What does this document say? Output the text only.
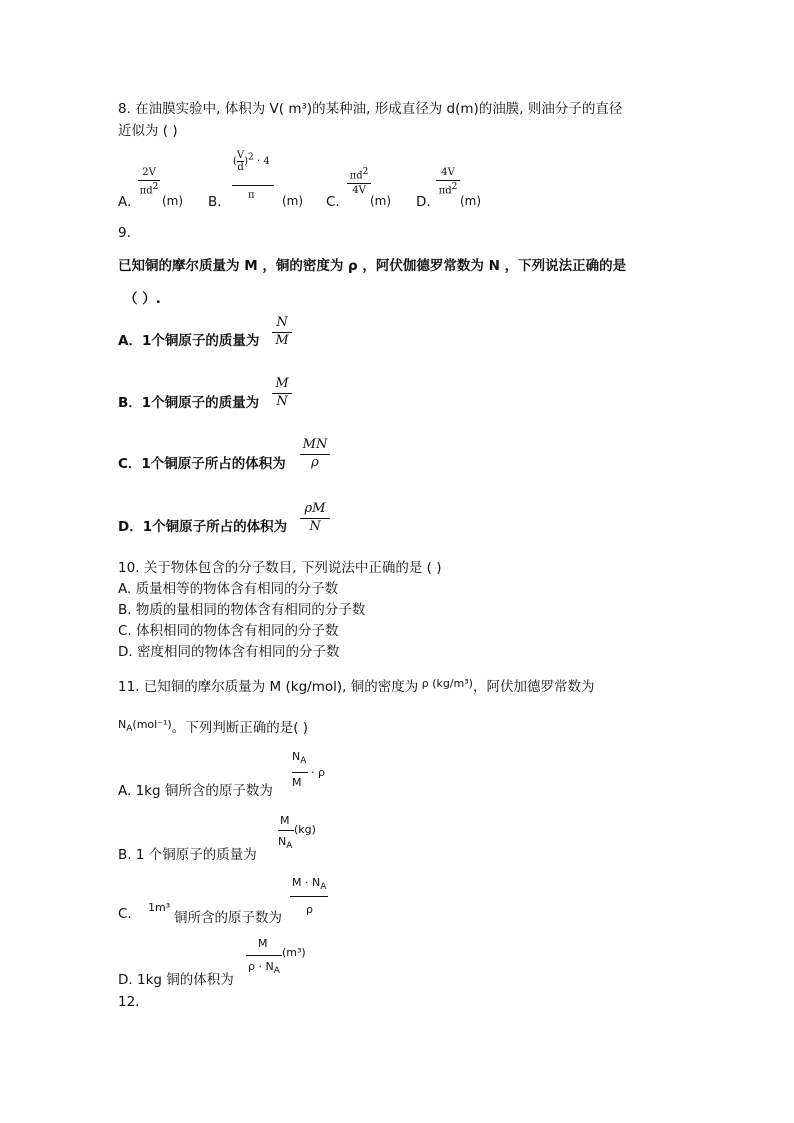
8. 在油膜实验中, 体积为 V( m³)的某种油, 形成直径为 d(m)的油膜, 则油分子的直径
近似为 ( )
A.
2V
$\pi d^2$
(m) B.
( $\frac{V}{d} )^2 \cdot 4$
π (m) C.
$\pi d^2$
4V
(m) D.
4V
$\pi d^2$
(m)
9.
已知铜的摩尔质量为 M ，铜的密度为 ρ ，阿伏伽德罗常数为 N ，下列说法正确的是
（ ）.
A．1个铜原子的质量为
N
M
B．1个铜原子的质量为
M
N
C．1个铜原子所占的体积为
MN
ρ
D．1个铜原子所占的体积为
ρM
N
10. 关于物体包含的分子数目, 下列说法中正确的是 ( )
A. 质量相等的物体含有相同的分子数
B. 物质的量相同的物体含有相同的分子数
C. 体积相同的物体含有相同的分子数
D. 密度相同的物体含有相同的分子数
11. 已知铜的摩尔质量为 M (kg/mol), 铜的密度为 $^\rho$ $^{(kg/m^3)}$，阿伏加德罗常数为
$^{N_A(mol^{-1})}$。下列判断正确的是( )
A. 1kg 铜所含的原子数为
$N_A$
M
· ρ
B. 1 个铜原子的质量为
M
$N_A$
(kg)
C. 1m³
铜所含的原子数为
$M \cdot N_A$
ρ
D. 1kg 铜的体积为
M
$\rho \cdot N_A$
(m³)
12.
